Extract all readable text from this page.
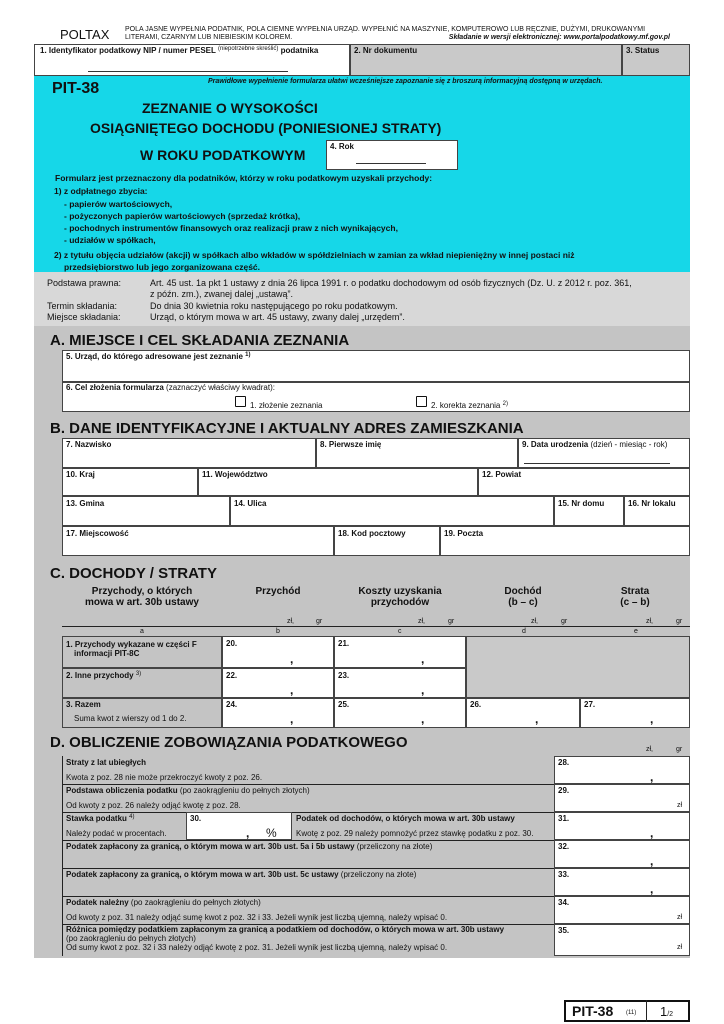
POLTAX POLA JASNE WYPEŁNIA PODATNIK, POLA CIEMNE WYPEŁNIA URZĄD. WYPEŁNIĆ NA MASZYNIE, KOMPUTEROWO LUB RĘCZNIE, DUŻYMI, DRUKOWANYMI LITERAMI, CZARNYM LUB NIEBIESKIM KOLOREM.	Składanie w wersji elektronicznej: www.portalpodatkowy.mf.gov.pl
1. Identyfikator podatkowy NIP / numer PESEL $^{(niepotrzebne skreślić)}$ podatnika	2. Nr dokumentu	3. Status
PIT-38	Prawidłowe wypełnienie formularza ułatwi wcześniejsze zapoznanie się z broszurą informacyjną dostępną w urzędach.
ZEZNANIE O WYSOKOŚCI
OSIĄGNIĘTEGO DOCHODU (PONIESIONEJ STRATY)
W ROKU PODATKOWYM
4. Rok
Formularz jest przeznaczony dla podatników, którzy w roku podatkowym uzyskali przychody:
1) z odpłatnego zbycia:
- papierów wartościowych,
- pożyczonych papierów wartościowych (sprzedaż krótka),
- pochodnych instrumentów finansowych oraz realizacji praw z nich wynikających,
- udziałów w spółkach,
2) z tytułu objęcia udziałów (akcji) w spółkach albo wkładów w spółdzielniach w zamian za wkład niepieniężny w innej postaci niż
przedsiębiorstwo lub jego zorganizowana część.
Podstawa prawna:	Art. 45 ust. 1a pkt 1 ustawy z dnia 26 lipca 1991 r. o podatku dochodowym od osób fizycznych (Dz. U. z 2012 r. poz. 361,
z późn. zm.), zwanej dalej „ustawą”.
Termin składania:	Do dnia 30 kwietnia roku następującego po roku podatkowym.
Miejsce składania:	Urząd, o którym mowa w art. 45 ustawy, zwany dalej „urzędem”.
A. MIEJSCE I CEL SKŁADANIA ZEZNANIA
5. Urząd, do którego adresowane jest zeznanie $^{1)}$
6. Cel złożenia formularza (zaznaczyć właściwy kwadrat):
1. złożenie zeznania	2. korekta zeznania $^{2)}$
B. DANE IDENTYFIKACYJNE I AKTUALNY ADRES ZAMIESZKANIA
7. Nazwisko	8. Pierwsze imię	9. Data urodzenia (dzień - miesiąc - rok)
10. Kraj	11. Województwo	12. Powiat
13. Gmina	14. Ulica	15. Nr domu	16. Nr lokalu
17. Miejscowość	18. Kod pocztowy	19. Poczta
C. DOCHODY / STRATY
Przychody, o których
mowa w art. 30b ustawy
Przychód	Koszty uzyskania
przychodów
Dochód
(b – c)
Strata
(c – b)
zł,	gr	zł,	gr	zł,	gr	zł,	gr
a	b	c	d	e
1. Przychody wykazane w części F
informacji PIT-8C
20.
,
21.
,
2. Inne przychody $^{3)}$	22.
,
23.
,
3. Razem
Suma kwot z wierszy od 1 do 2.
24.
,
25.
,
26.
,
27.
,
D. OBLICZENIE ZOBOWIĄZANIA PODATKOWEGO	zł,	gr
Straty z lat ubiegłych
Kwota z poz. 28 nie może przekroczyć kwoty z poz. 26.
28.
,
Podstawa obliczenia podatku (po zaokrągleniu do pełnych złotych)
Od kwoty z poz. 26 należy odjąć kwotę z poz. 28.
29.
zł
Stawka podatku $^{4)}$
Należy podać w procentach.
30.
, %
Podatek od dochodów, o których mowa w art. 30b ustawy
Kwotę z poz. 29 należy pomnożyć przez stawkę podatku z poz. 30.
31.
,
Podatek zapłacony za granicą, o którym mowa w art. 30b ust. 5a i 5b ustawy (przeliczony na złote)	32.
,
Podatek zapłacony za granicą, o którym mowa w art. 30b ust. 5c ustawy (przeliczony na złote)	33.
,
Podatek należny (po zaokrągleniu do pełnych złotych)
Od kwoty z poz. 31 należy odjąć sumę kwot z poz. 32 i 33. Jeżeli wynik jest liczbą ujemną, należy wpisać 0.
34.
zł
Różnica pomiędzy podatkiem zapłaconym za granicą a podatkiem od dochodów, o których mowa w art. 30b ustawy
(po zaokrągleniu do pełnych złotych)
Od sumy kwot z poz. 32 i 33 należy odjąć kwotę z poz. 31. Jeżeli wynik jest liczbą ujemną, należy wpisać 0.
35.
zł
PIT-38 (11) 1/2
